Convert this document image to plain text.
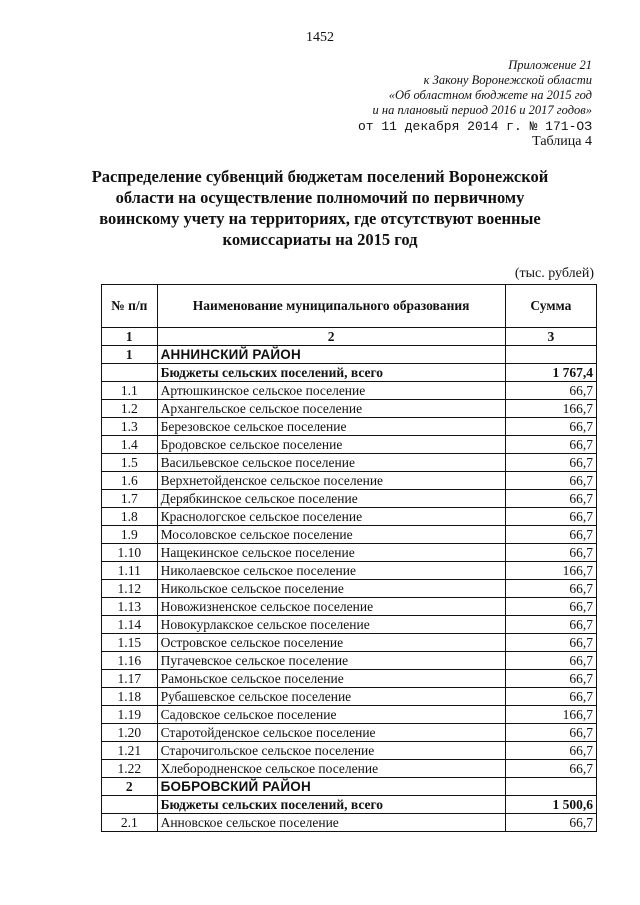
1452
Приложение 21
к Закону Воронежской области
«Об областном бюджете на 2015 год
и на плановый период 2016 и 2017 годов»
от 11 декабря 2014 г. № 171-ОЗ
Таблица 4
Распределение субвенций бюджетам поселений Воронежской области на осуществление полномочий по первичному воинскому учету на территориях, где отсутствуют военные комиссариаты на 2015 год
(тыс. рублей)
№ п/п	Наименование муниципального образования	Сумма
1	2	3
1	АННИНСКИЙ РАЙОН	
	Бюджеты сельских поселений, всего	1 767,4
1.1	Артюшкинское сельское поселение	66,7
1.2	Архангельское сельское поселение	166,7
1.3	Березовское сельское поселение	66,7
1.4	Бродовское сельское поселение	66,7
1.5	Васильевское сельское поселение	66,7
1.6	Верхнетойденское сельское поселение	66,7
1.7	Дерябкинское сельское поселение	66,7
1.8	Краснологское сельское поселение	66,7
1.9	Мосоловское сельское поселение	66,7
1.10	Нащекинское сельское поселение	66,7
1.11	Николаевское сельское поселение	166,7
1.12	Никольское сельское поселение	66,7
1.13	Новожизненское сельское поселение	66,7
1.14	Новокурлакское сельское поселение	66,7
1.15	Островское сельское поселение	66,7
1.16	Пугачевское сельское поселение	66,7
1.17	Рамоньское сельское поселение	66,7
1.18	Рубашевское сельское поселение	66,7
1.19	Садовское сельское поселение	166,7
1.20	Старотойденское сельское поселение	66,7
1.21	Старочигольское сельское поселение	66,7
1.22	Хлебородненское сельское поселение	66,7
2	БОБРОВСКИЙ РАЙОН	
	Бюджеты сельских поселений, всего	1 500,6
2.1	Анновское сельское поселение	66,7
